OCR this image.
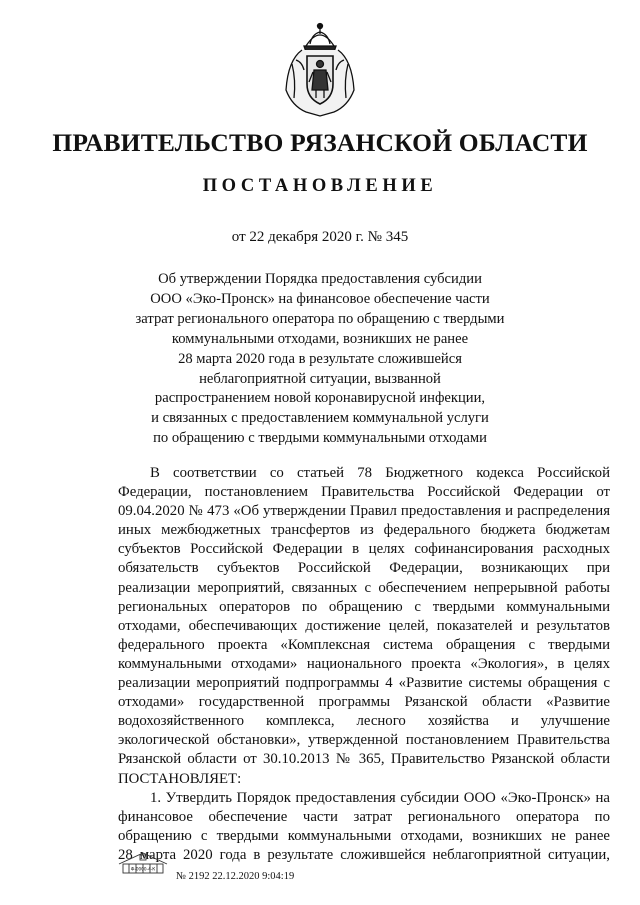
ПРАВИТЕЛЬСТВО РЯЗАНСКОЙ ОБЛАСТИ
ПОСТАНОВЛЕНИЕ
от 22 декабря 2020 г. № 345
Об утверждении Порядка предоставления субсидии
ООО «Эко-Пронск» на финансовое обеспечение части
затрат регионального оператора по обращению с твердыми
коммунальными отходами, возникших не ранее
28 марта 2020 года в результате сложившейся
неблагоприятной ситуации, вызванной
распространением новой коронавирусной инфекции,
и связанных с предоставлением коммунальной услуги
по обращению с твердыми коммунальными отходами
В соответствии со статьей 78 Бюджетного кодекса Российской
Федерации, постановлением Правительства Российской Федерации от
09.04.2020 № 473 «Об утверждении Правил предоставления и распределения
иных межбюджетных трансфертов из федерального бюджета бюджетам
субъектов Российской Федерации в целях софинансирования расходных
обязательств субъектов Российской Федерации, возникающих при
реализации мероприятий, связанных с обеспечением непрерывной работы
региональных операторов по обращению с твердыми коммунальными
отходами, обеспечивающих достижение целей, показателей и результатов
федерального проекта «Комплексная система обращения с твердыми
коммунальными отходами» национального проекта «Экология», в целях
реализации мероприятий подпрограммы 4 «Развитие системы обращения с
отходами» государственной программы Рязанской области «Развитие
водохозяйственного комплекса, лесного хозяйства и улучшение
экологической обстановки», утвержденной постановлением Правительства
Рязанской области от 30.10.2013 № 365, Правительство Рязанской области
ПОСТАНОВЛЯЕТ:
1. Утвердить Порядок предоставления субсидии ООО «Эко-Пронск» на
финансовое обеспечение части затрат регионального оператора по
обращению с твердыми коммунальными отходами, возникших не ранее
28 марта 2020 года в результате сложившейся неблагоприятной ситуации,
Ф-0000-4-К
№ 2192 22.12.2020 9:04:19
